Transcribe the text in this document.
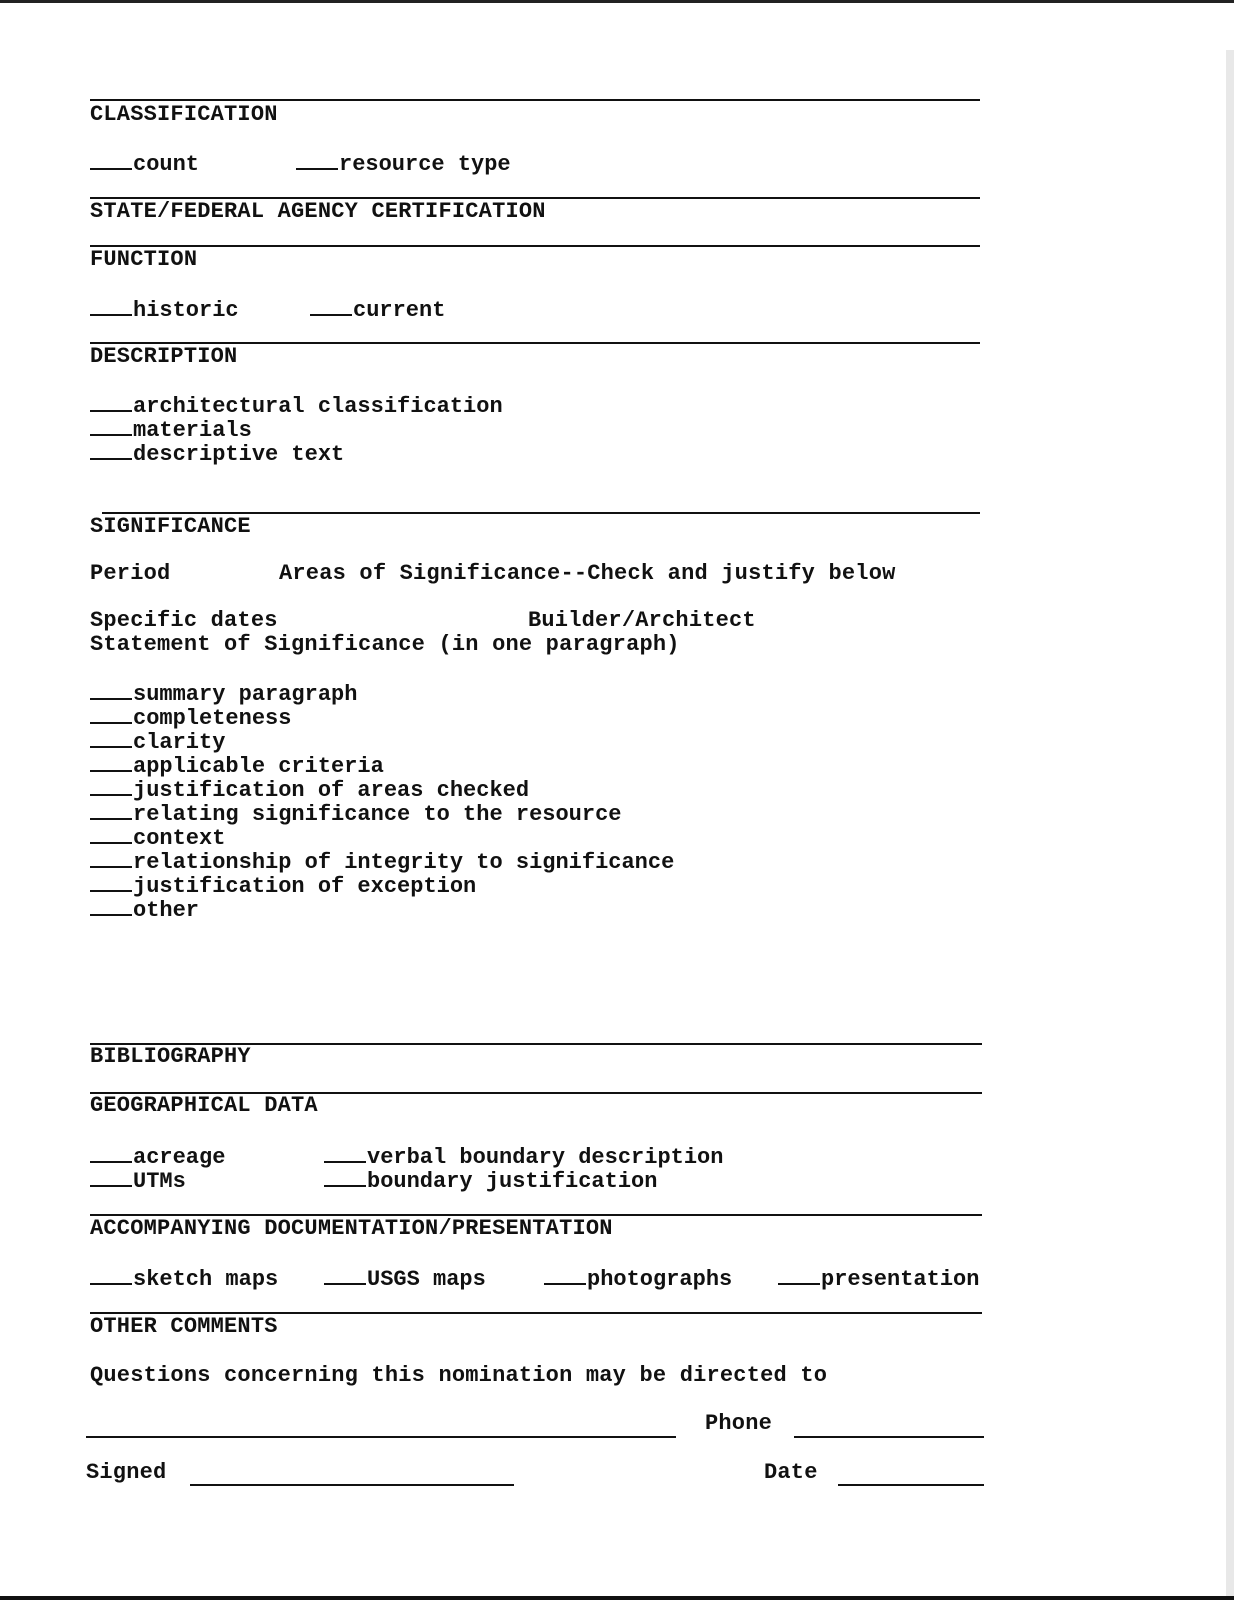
CLASSIFICATION
count	resource type
STATE/FEDERAL AGENCY CERTIFICATION
FUNCTION
historic	current
DESCRIPTION
architectural classification
materials
descriptive text
SIGNIFICANCE
Period	Areas of Significance--Check and justify below
Specific dates	Builder/Architect
Statement of Significance (in one paragraph)
summary paragraph
completeness
clarity
applicable criteria
justification of areas checked
relating significance to the resource
context
relationship of integrity to significance
justification of exception
other
BIBLIOGRAPHY
GEOGRAPHICAL DATA
acreage	verbal boundary description
UTMs	boundary justification
ACCOMPANYING DOCUMENTATION/PRESENTATION
sketch maps	USGS maps	photographs	presentation
OTHER COMMENTS
Questions concerning this nomination may be directed to
Phone
Signed	Date
